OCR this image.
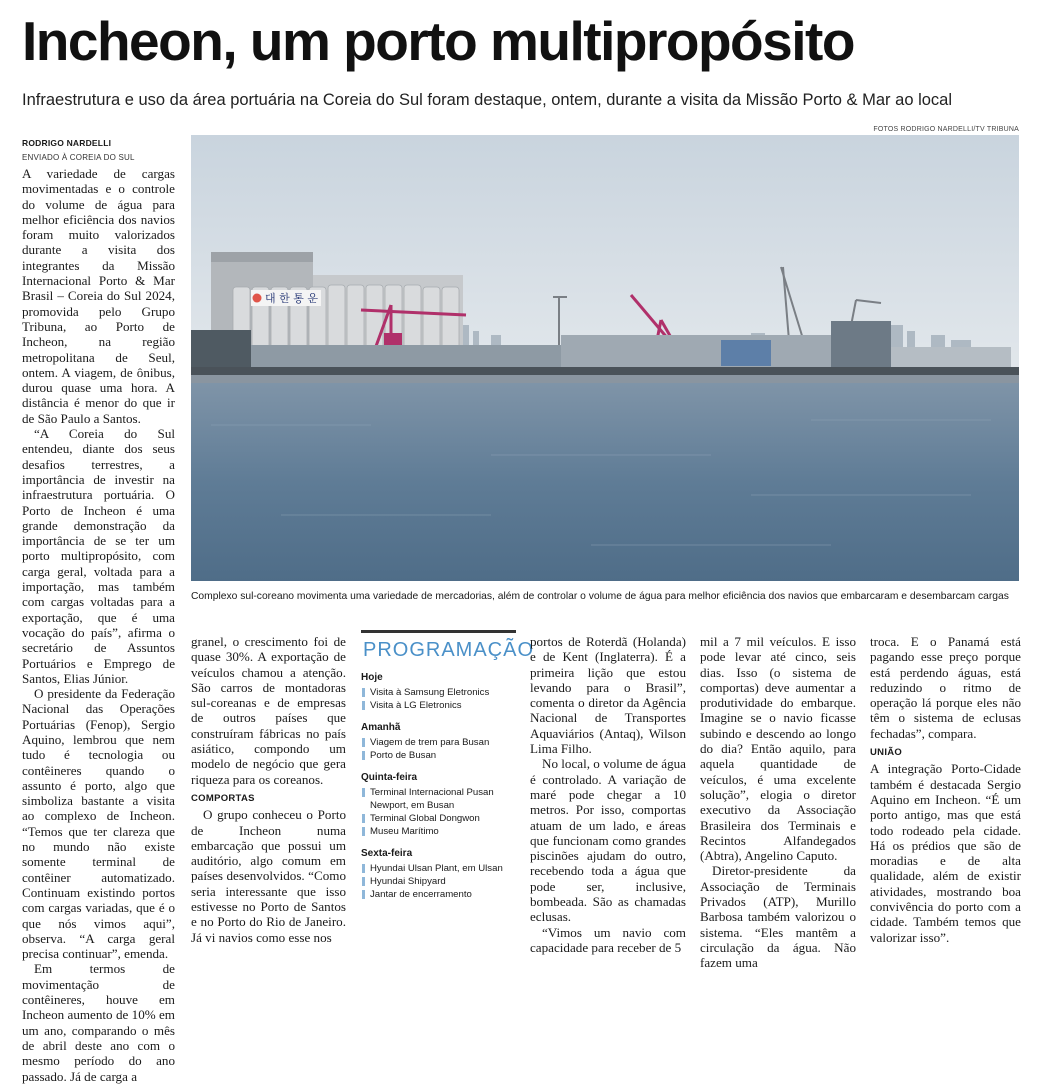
Incheon, um porto multipropósito
Infraestrutura e uso da área portuária na Coreia do Sul foram destaque, ontem, durante a visita da Missão Porto & Mar ao local
RODRIGO NARDELLI
ENVIADO À COREIA DO SUL
FOTOS RODRIGO NARDELLI/TV TRIBUNA
대 한 통 운
Complexo sul-coreano movimenta uma variedade de mercadorias, além de controlar o volume de água para melhor eficiência dos navios que embarcaram e desembarcam cargas

A variedade de cargas movimentadas e o controle do volume de água para melhor eficiência dos navios foram muito valorizados durante a visita dos integrantes da Missão Internacional Porto & Mar Brasil – Coreia do Sul 2024, promovida pelo Grupo Tribuna, ao Porto de Incheon, na região metropolitana de Seul, ontem. A viagem, de ônibus, durou quase uma hora. A distância é menor do que ir de São Paulo a Santos.

“A Coreia do Sul entendeu, diante dos seus desafios terrestres, a importância de investir na infraestrutura portuária. O Porto de Incheon é uma grande demonstração da importância de se ter um porto multipropósito, com carga geral, voltada para a importação, mas também com cargas voltadas para a exportação, que é uma vocação do país”, afirma o secretário de Assuntos Portuários e Emprego de Santos, Elias Júnior.

O presidente da Federação Nacional das Operações Portuárias (Fenop), Sergio Aquino, lembrou que nem tudo é tecnologia ou contêineres quando o assunto é porto, algo que simboliza bastante a visita ao complexo de Incheon. “Temos que ter clareza que no mundo não existe somente terminal de contêiner automatizado. Continuam existindo portos com cargas variadas, que é o que nós vimos aqui”, observa. “A carga geral precisa continuar”, emenda.

Em termos de movimentação de contêineres, houve em Incheon aumento de 10% em um ano, comparando o mês de abril deste ano com o mesmo período do ano passado. Já de carga a

granel, o crescimento foi de quase 30%. A exportação de veículos chamou a atenção. São carros de montadoras sul-coreanas e de empresas de outros países que construíram fábricas no país asiático, compondo um modelo de negócio que gera riqueza para os coreanos.

COMPORTAS

O grupo conheceu o Porto de Incheon numa embarcação que possui um auditório, algo comum em países desenvolvidos. “Como seria interessante que isso estivesse no Porto de Santos e no Porto do Rio de Janeiro. Já vi navios como esse nos

PROGRAMAÇÃO
Hoje
Visita à Samsung Eletronics
Visita à LG Eletronics
Amanhã
Viagem de trem para Busan
Porto de Busan
Quinta-feira
Terminal Internacional Pusan Newport, em Busan
Terminal Global Dongwon
Museu Marítimo
Sexta-feira
Hyundai Ulsan Plant, em Ulsan
Hyundai Shipyard
Jantar de encerramento

portos de Roterdã (Holanda) e de Kent (Inglaterra). É a primeira lição que estou levando para o Brasil”, comenta o diretor da Agência Nacional de Transportes Aquaviários (Antaq), Wilson Lima Filho.

No local, o volume de água é controlado. A variação de maré pode chegar a 10 metros. Por isso, comportas atuam de um lado, e áreas que funcionam como grandes piscinões ajudam do outro, recebendo toda a água que pode ser, inclusive, bombeada. São as chamadas eclusas.

“Vimos um navio com capacidade para receber de 5

mil a 7 mil veículos. E isso pode levar até cinco, seis dias. Isso (o sistema de comportas) deve aumentar a produtividade do embarque. Imagine se o navio ficasse subindo e descendo ao longo do dia? Então aquilo, para aquela quantidade de veículos, é uma excelente solução”, elogia o diretor executivo da Associação Brasileira dos Terminais e Recintos Alfandegados (Abtra), Angelino Caputo.

Diretor-presidente da Associação de Terminais Privados (ATP), Murillo Barbosa também valorizou o sistema. “Eles mantêm a circulação da água. Não fazem uma

troca. E o Panamá está pagando esse preço porque está perdendo águas, está reduzindo o ritmo de operação lá porque eles não têm o sistema de eclusas fechadas”, compara.

UNIÃO

A integração Porto-Cidade também é destacada Sergio Aquino em Incheon. “É um porto antigo, mas que está todo rodeado pela cidade. Há os prédios que são de moradias e de alta qualidade, além de existir atividades, mostrando boa convivência do porto com a cidade. Também temos que valorizar isso”.
